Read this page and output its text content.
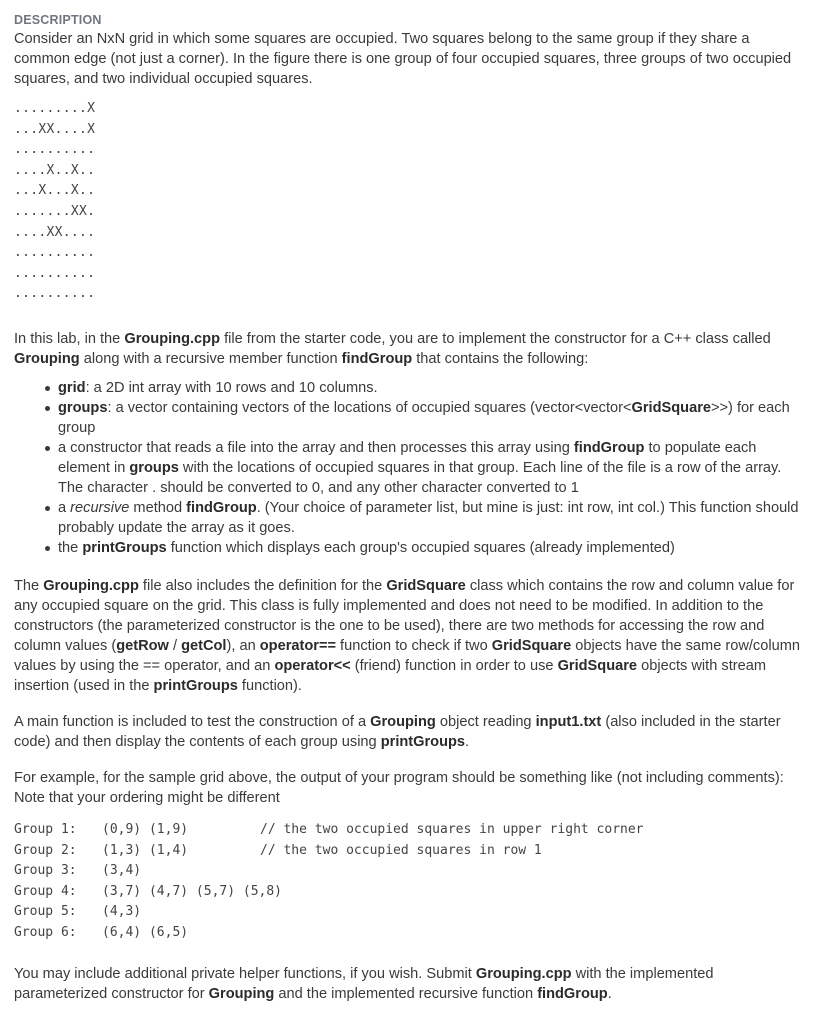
DESCRIPTION

Consider an NxN grid in which some squares are occupied. Two squares belong to the same group if they share a common edge (not just a corner). In the figure there is one group of four occupied squares, three groups of two occupied squares, and two individual occupied squares.

.........X
...XX....X
..........
....X..X..
...X...X..
.......XX.
....XX....
..........
..........
..........

In this lab, in the Grouping.cpp file from the starter code, you are to implement the constructor for a C++ class called Grouping along with a recursive member function findGroup that contains the following:

grid: a 2D int array with 10 rows and 10 columns.
groups: a vector containing vectors of the locations of occupied squares (vector<vector<GridSquare>>) for each group
a constructor that reads a file into the array and then processes this array using findGroup to populate each element in groups with the locations of occupied squares in that group. Each line of the file is a row of the array. The character . should be converted to 0, and any other character converted to 1
a recursive method findGroup. (Your choice of parameter list, but mine is just: int row, int col.) This function should probably update the array as it goes.
the printGroups function which displays each group's occupied squares (already implemented)

The Grouping.cpp file also includes the definition for the GridSquare class which contains the row and column value for any occupied square on the grid. This class is fully implemented and does not need to be modified. In addition to the constructors (the parameterized constructor is the one to be used), there are two methods for accessing the row and column values (getRow / getCol), an operator== function to check if two GridSquare objects have the same row/column values by using the == operator, and an operator<< (friend) function in order to use GridSquare objects with stream insertion (used in the printGroups function).

A main function is included to test the construction of a Grouping object reading input1.txt (also included in the starter code) and then display the contents of each group using printGroups.

For example, for the sample grid above, the output of your program should be something like (not including comments): Note that your ordering might be different

Group 1:	(0,9) (1,9)	// the two occupied squares in upper right corner
Group 2:	(1,3) (1,4)	// the two occupied squares in row 1
Group 3:	(3,4)
Group 4:	(3,7) (4,7) (5,7) (5,8)
Group 5:	(4,3)
Group 6:	(6,4) (6,5)

You may include additional private helper functions, if you wish. Submit Grouping.cpp with the implemented parameterized constructor for Grouping and the implemented recursive function findGroup.
